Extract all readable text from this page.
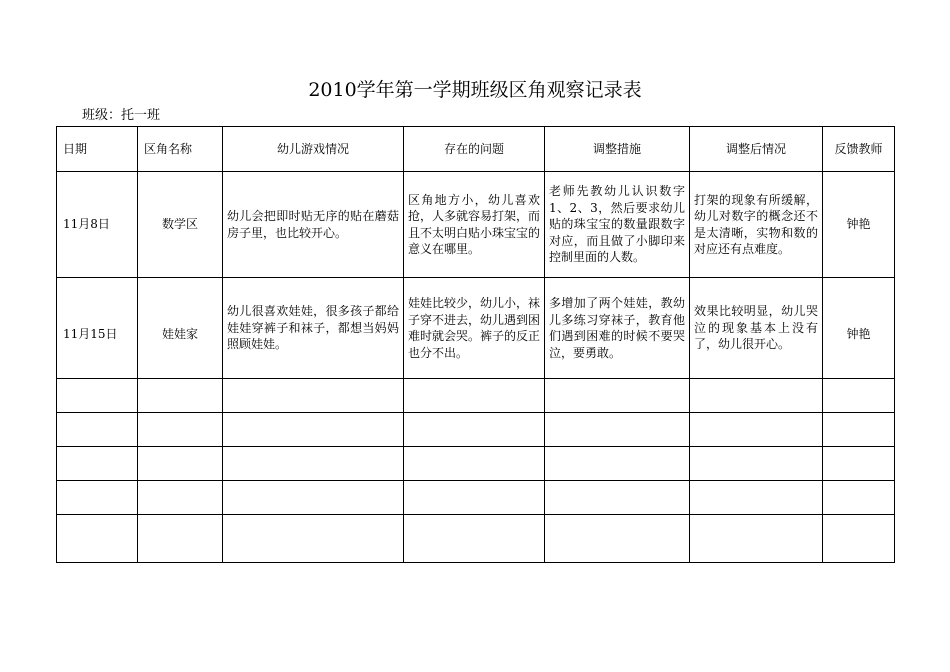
2010学年第一学期班级区角观察记录表
班级：托一班
日期	区角名称	幼儿游戏情况	存在的问题	调整措施	调整后情况	反馈教师
11月8日	数学区	幼儿会把即时贴无序的贴在蘑菇房子里，也比较开心。	区角地方小，幼儿喜欢抢，人多就容易打架，而且不太明白贴小珠宝宝的意义在哪里。	老师先教幼儿认识数字1、2、3，然后要求幼儿贴的珠宝宝的数量跟数字对应，而且做了小脚印来控制里面的人数。	打架的现象有所缓解，幼儿对数字的概念还不是太清晰，实物和数的对应还有点难度。	钟艳
11月15日	娃娃家	幼儿很喜欢娃娃，很多孩子都给娃娃穿裤子和袜子，都想当妈妈照顾娃娃。	娃娃比较少，幼儿小，袜子穿不进去，幼儿遇到困难时就会哭。裤子的反正也分不出。	多增加了两个娃娃，教幼儿多练习穿袜子，教育他们遇到困难的时候不要哭泣，要勇敢。	效果比较明显，幼儿哭泣的现象基本上没有了，幼儿很开心。	钟艳
